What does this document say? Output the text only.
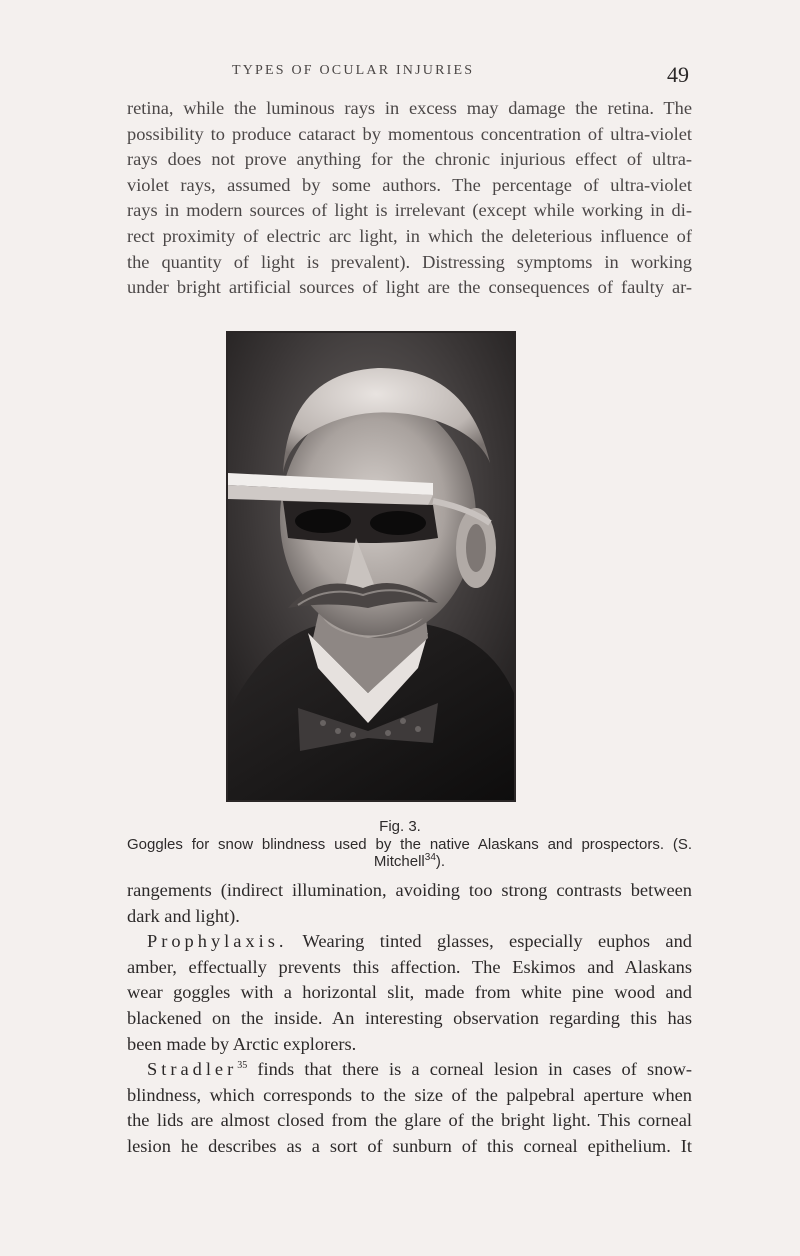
TYPES OF OCULAR INJURIES	49
retina, while the luminous rays in excess may damage the retina. The
possibility to produce cataract by momentous concentration of ultra-violet
rays does not prove anything for the chronic injurious effect of ultra-
violet rays, assumed by some authors. The percentage of ultra-violet
rays in modern sources of light is irrelevant (except while working in di-
rect proximity of electric arc light, in which the deleterious influence of
the quantity of light is prevalent). Distressing symptoms in working
under bright artificial sources of light are the consequences of faulty ar-
Fig. 3.
Goggles for snow blindness used by the native Alaskans and prospectors. (S.
Mitchell$^{34}$).
rangements (indirect illumination, avoiding too strong contrasts between
dark and light).
Prophylaxis. Wearing tinted glasses, especially euphos and
amber, effectually prevents this affection. The Eskimos and Alaskans
wear goggles with a horizontal slit, made from white pine wood and
blackened on the inside. An interesting observation regarding this has
been made by Arctic explorers.
Stradler$^{35}$ finds that there is a corneal lesion in cases of snow-
blindness, which corresponds to the size of the palpebral aperture when
the lids are almost closed from the glare of the bright light. This corneal
lesion he describes as a sort of sunburn of this corneal epithelium. It
